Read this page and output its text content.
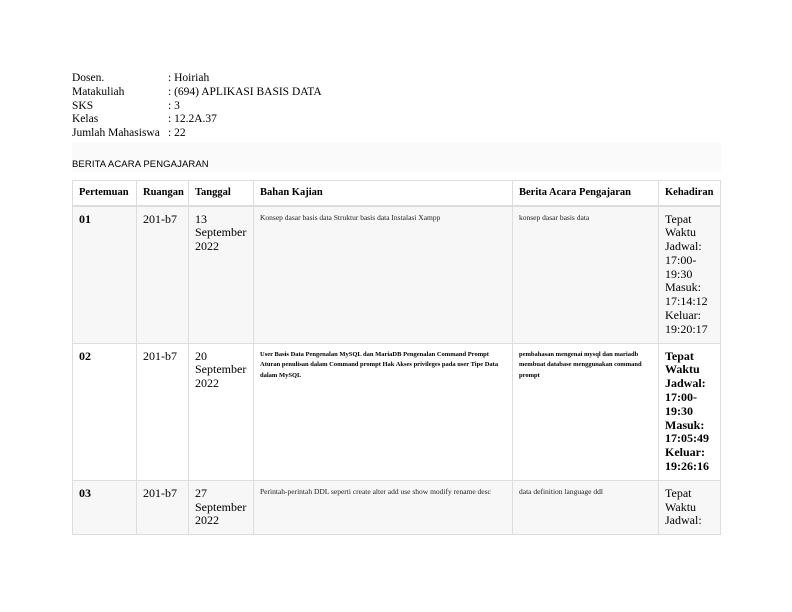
Dosen.	: Hoiriah
Matakuliah	: (694) APLIKASI BASIS DATA
SKS	: 3
Kelas	: 12.2A.37
Jumlah Mahasiswa : 22
BERITA ACARA PENGAJARAN
Pertemuan	Ruangan	Tanggal	Bahan Kajian	Berita Acara Pengajaran	Kehadiran
01	201-b7	13 September 2022	Konsep dasar basis data Struktur basis data Instalasi Xampp	konsep dasar basis data	Tepat Waktu Jadwal: 17:00-19:30 Masuk: 17:14:12 Keluar: 19:20:17
02	201-b7	20 September 2022	User Basis Data Pengenalan MySQL dan MariaDB Pengenalan Command Prompt Aturan penulisan dalam Command prompt Hak Akses privileges pada user Tipe Data dalam MySQL	pembahasan mengenai mysql dan mariadb membuat database menggunakan command prompt	Tepat Waktu Jadwal: 17:00-19:30 Masuk: 17:05:49 Keluar: 19:26:16
03	201-b7	27 September 2022	Perintah-perintah DDL seperti create alter add use show modify rename desc	data definition language ddl	Tepat Waktu Jadwal:
